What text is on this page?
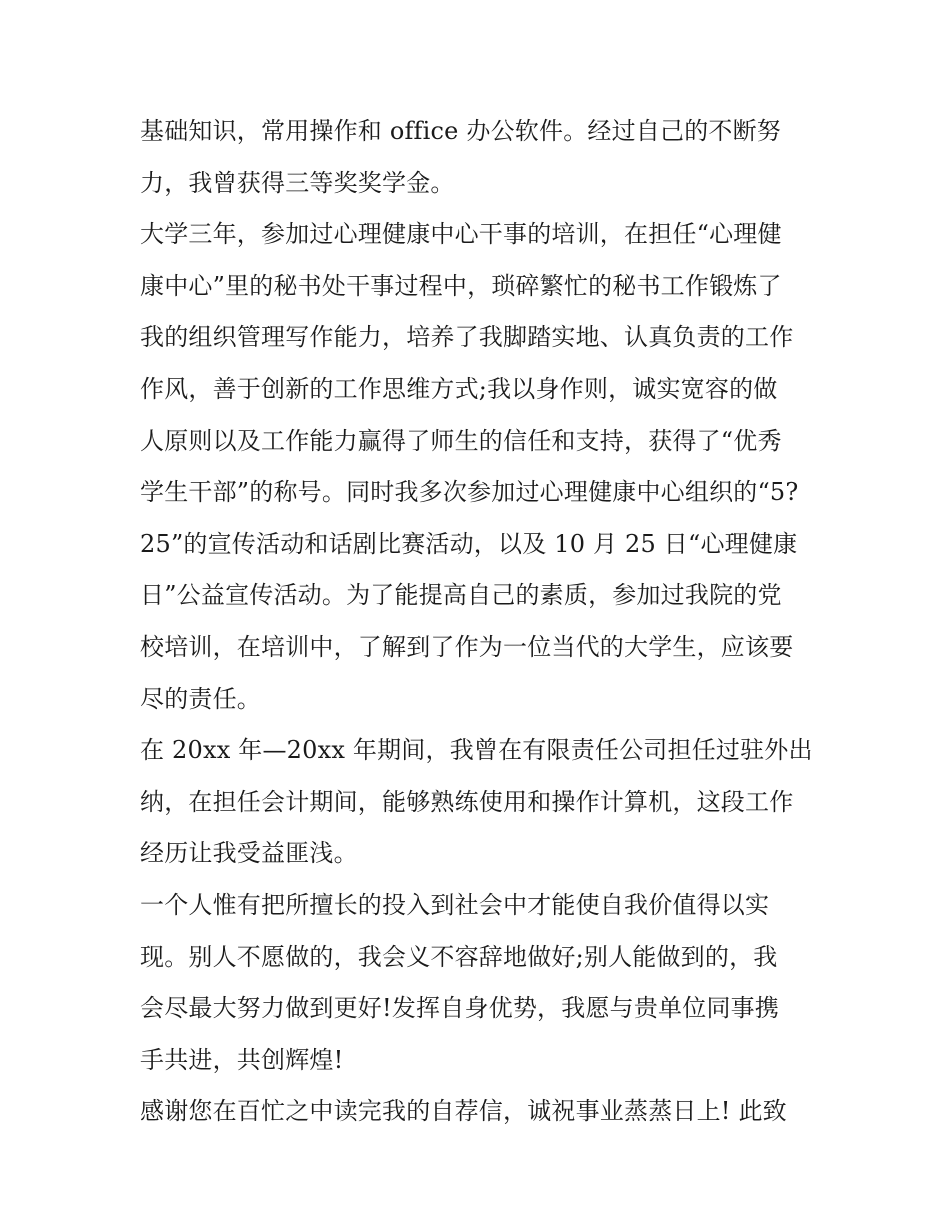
基础知识，常用操作和 office 办公软件。经过自己的不断努
力，我曾获得三等奖奖学金。
大学三年，参加过心理健康中心干事的培训，在担任“心理健
康中心”里的秘书处干事过程中，琐碎繁忙的秘书工作锻炼了
我的组织管理写作能力，培养了我脚踏实地、认真负责的工作
作风，善于创新的工作思维方式;我以身作则，诚实宽容的做
人原则以及工作能力赢得了师生的信任和支持，获得了“优秀
学生干部”的称号。同时我多次参加过心理健康中心组织的“5?
25”的宣传活动和话剧比赛活动，以及 10 月 25 日“心理健康
日”公益宣传活动。为了能提高自己的素质，参加过我院的党
校培训，在培训中，了解到了作为一位当代的大学生，应该要
尽的责任。
在 20xx 年—20xx 年期间，我曾在有限责任公司担任过驻外出
纳，在担任会计期间，能够熟练使用和操作计算机，这段工作
经历让我受益匪浅。
一个人惟有把所擅长的投入到社会中才能使自我价值得以实
现。别人不愿做的，我会义不容辞地做好;别人能做到的，我
会尽最大努力做到更好!发挥自身优势，我愿与贵单位同事携
手共进，共创辉煌!
感谢您在百忙之中读完我的自荐信，诚祝事业蒸蒸日上! 此致
